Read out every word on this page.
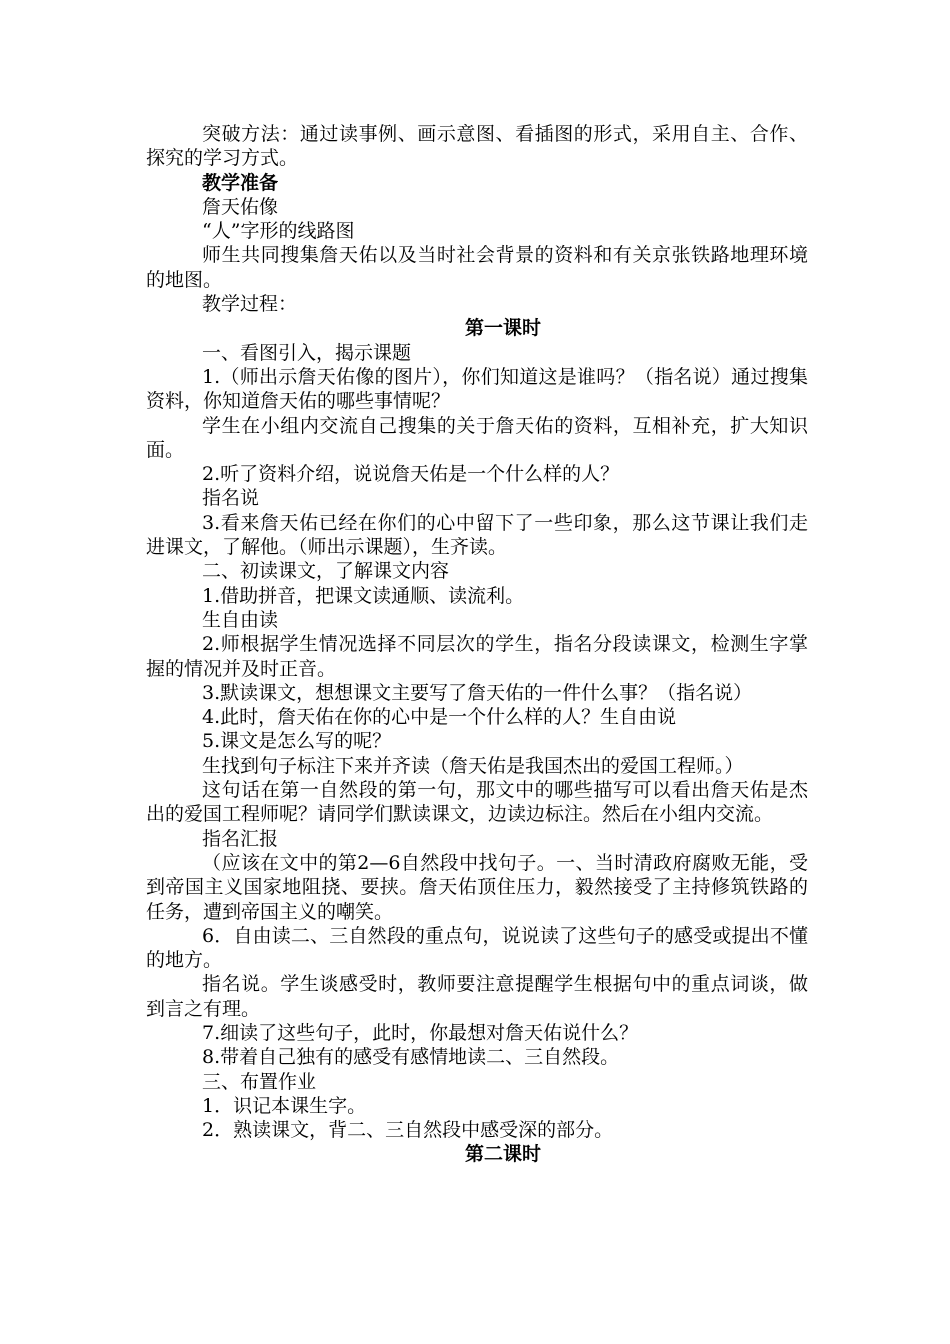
突破方法：通过读事例、画示意图、看插图的形式，采用自主、合作、探究的学习方式。

教学准备

詹天佑像

“人”字形的线路图

师生共同搜集詹天佑以及当时社会背景的资料和有关京张铁路地理环境的地图。

教学过程：

第一课时

一、看图引入，揭示课题

1.（师出示詹天佑像的图片），你们知道这是谁吗？（指名说）通过搜集资料，你知道詹天佑的哪些事情呢？

学生在小组内交流自己搜集的关于詹天佑的资料，互相补充，扩大知识面。

2.听了资料介绍，说说詹天佑是一个什么样的人？

指名说

3.看来詹天佑已经在你们的心中留下了一些印象，那么这节课让我们走进课文，了解他。（师出示课题），生齐读。

二、初读课文，了解课文内容

1.借助拼音，把课文读通顺、读流利。

生自由读

2.师根据学生情况选择不同层次的学生，指名分段读课文，检测生字掌握的情况并及时正音。

3.默读课文，想想课文主要写了詹天佑的一件什么事？（指名说）

4.此时，詹天佑在你的心中是一个什么样的人？生自由说

5.课文是怎么写的呢？

生找到句子标注下来并齐读（詹天佑是我国杰出的爱国工程师。）

这句话在第一自然段的第一句，那文中的哪些描写可以看出詹天佑是杰出的爱国工程师呢？请同学们默读课文，边读边标注。然后在小组内交流。

指名汇报

（应该在文中的第2—6自然段中找句子。一、当时清政府腐败无能，受到帝国主义国家地阻挠、要挟。詹天佑顶住压力，毅然接受了主持修筑铁路的任务，遭到帝国主义的嘲笑。

6．自由读二、三自然段的重点句，说说读了这些句子的感受或提出不懂的地方。

指名说。学生谈感受时，教师要注意提醒学生根据句中的重点词谈，做到言之有理。

7.细读了这些句子，此时，你最想对詹天佑说什么？

8.带着自己独有的感受有感情地读二、三自然段。

三、布置作业

1．识记本课生字。

2．熟读课文，背二、三自然段中感受深的部分。

第二课时
